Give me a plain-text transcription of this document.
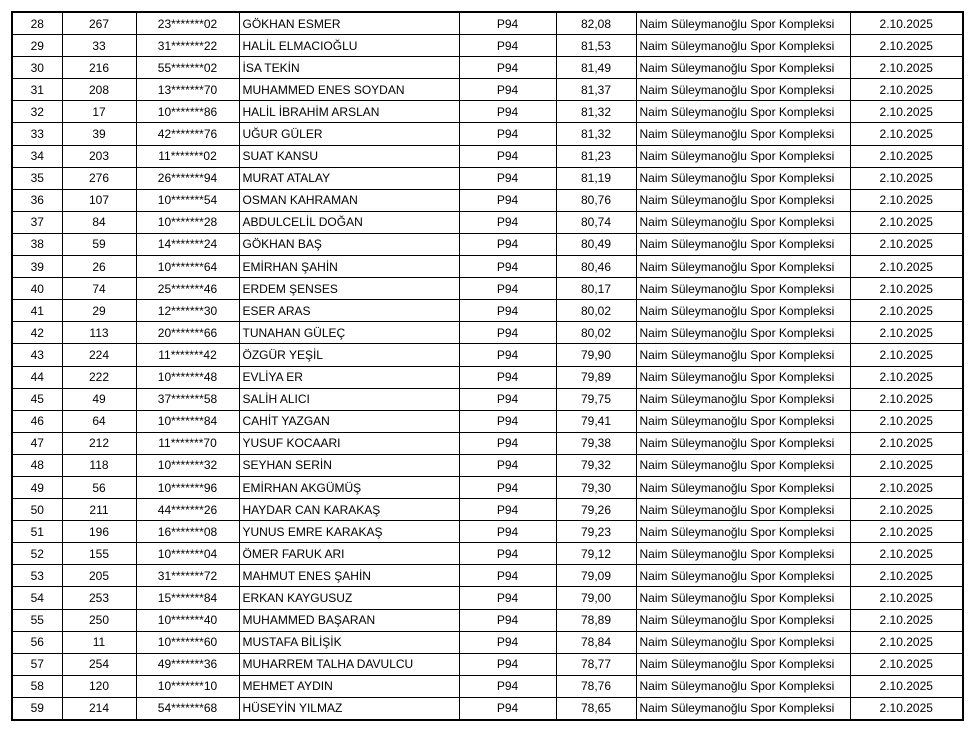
28	267	23*******02	GÖKHAN ESMER	P94	82,08	Naim Süleymanoğlu Spor Kompleksi	2.10.2025
29	33	31*******22	HALİL ELMACIOĞLU	P94	81,53	Naim Süleymanoğlu Spor Kompleksi	2.10.2025
30	216	55*******02	İSA TEKİN	P94	81,49	Naim Süleymanoğlu Spor Kompleksi	2.10.2025
31	208	13*******70	MUHAMMED ENES SOYDAN	P94	81,37	Naim Süleymanoğlu Spor Kompleksi	2.10.2025
32	17	10*******86	HALİL İBRAHİM ARSLAN	P94	81,32	Naim Süleymanoğlu Spor Kompleksi	2.10.2025
33	39	42*******76	UĞUR GÜLER	P94	81,32	Naim Süleymanoğlu Spor Kompleksi	2.10.2025
34	203	11*******02	SUAT KANSU	P94	81,23	Naim Süleymanoğlu Spor Kompleksi	2.10.2025
35	276	26*******94	MURAT ATALAY	P94	81,19	Naim Süleymanoğlu Spor Kompleksi	2.10.2025
36	107	10*******54	OSMAN KAHRAMAN	P94	80,76	Naim Süleymanoğlu Spor Kompleksi	2.10.2025
37	84	10*******28	ABDULCELİL DOĞAN	P94	80,74	Naim Süleymanoğlu Spor Kompleksi	2.10.2025
38	59	14*******24	GÖKHAN BAŞ	P94	80,49	Naim Süleymanoğlu Spor Kompleksi	2.10.2025
39	26	10*******64	EMİRHAN ŞAHİN	P94	80,46	Naim Süleymanoğlu Spor Kompleksi	2.10.2025
40	74	25*******46	ERDEM ŞENSES	P94	80,17	Naim Süleymanoğlu Spor Kompleksi	2.10.2025
41	29	12*******30	ESER ARAS	P94	80,02	Naim Süleymanoğlu Spor Kompleksi	2.10.2025
42	113	20*******66	TUNAHAN GÜLEÇ	P94	80,02	Naim Süleymanoğlu Spor Kompleksi	2.10.2025
43	224	11*******42	ÖZGÜR YEŞİL	P94	79,90	Naim Süleymanoğlu Spor Kompleksi	2.10.2025
44	222	10*******48	EVLİYA ER	P94	79,89	Naim Süleymanoğlu Spor Kompleksi	2.10.2025
45	49	37*******58	SALİH ALICI	P94	79,75	Naim Süleymanoğlu Spor Kompleksi	2.10.2025
46	64	10*******84	CAHİT YAZGAN	P94	79,41	Naim Süleymanoğlu Spor Kompleksi	2.10.2025
47	212	11*******70	YUSUF KOCAARI	P94	79,38	Naim Süleymanoğlu Spor Kompleksi	2.10.2025
48	118	10*******32	SEYHAN SERİN	P94	79,32	Naim Süleymanoğlu Spor Kompleksi	2.10.2025
49	56	10*******96	EMİRHAN AKGÜMÜŞ	P94	79,30	Naim Süleymanoğlu Spor Kompleksi	2.10.2025
50	211	44*******26	HAYDAR CAN KARAKAŞ	P94	79,26	Naim Süleymanoğlu Spor Kompleksi	2.10.2025
51	196	16*******08	YUNUS EMRE KARAKAŞ	P94	79,23	Naim Süleymanoğlu Spor Kompleksi	2.10.2025
52	155	10*******04	ÖMER FARUK ARI	P94	79,12	Naim Süleymanoğlu Spor Kompleksi	2.10.2025
53	205	31*******72	MAHMUT ENES ŞAHİN	P94	79,09	Naim Süleymanoğlu Spor Kompleksi	2.10.2025
54	253	15*******84	ERKAN KAYGUSUZ	P94	79,00	Naim Süleymanoğlu Spor Kompleksi	2.10.2025
55	250	10*******40	MUHAMMED BAŞARAN	P94	78,89	Naim Süleymanoğlu Spor Kompleksi	2.10.2025
56	11	10*******60	MUSTAFA BİLİŞİK	P94	78,84	Naim Süleymanoğlu Spor Kompleksi	2.10.2025
57	254	49*******36	MUHARREM TALHA DAVULCU	P94	78,77	Naim Süleymanoğlu Spor Kompleksi	2.10.2025
58	120	10*******10	MEHMET AYDIN	P94	78,76	Naim Süleymanoğlu Spor Kompleksi	2.10.2025
59	214	54*******68	HÜSEYİN YILMAZ	P94	78,65	Naim Süleymanoğlu Spor Kompleksi	2.10.2025
